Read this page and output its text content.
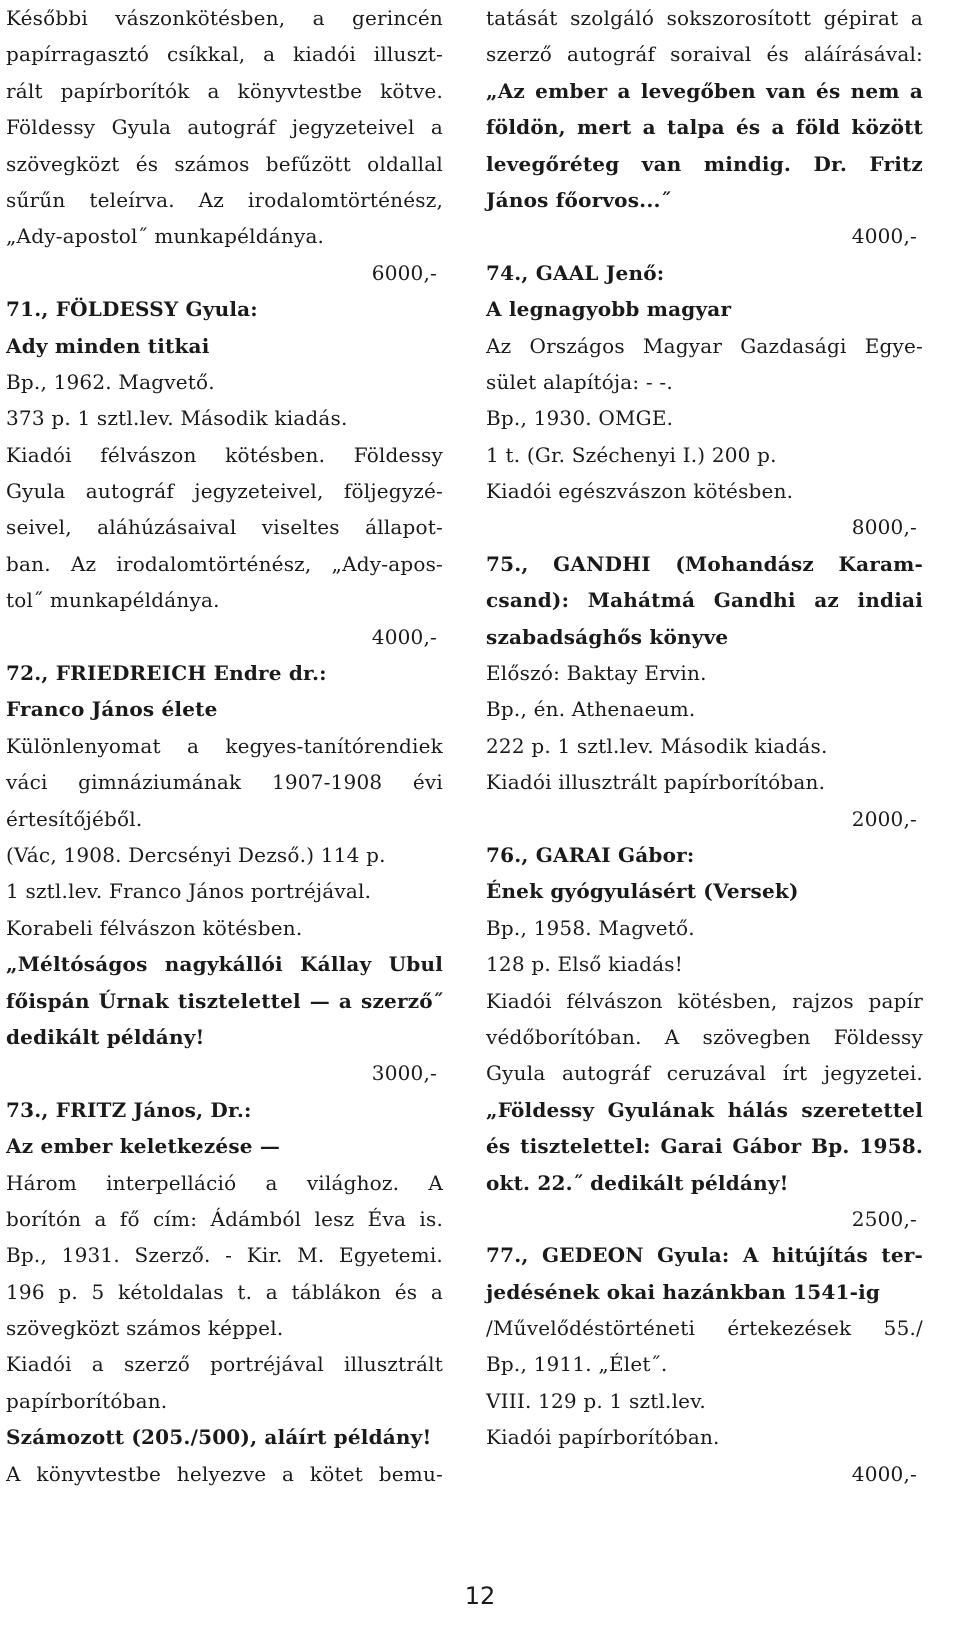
Későbbi vászonkötésben, a gerincén
papírragasztó csíkkal, a kiadói illuszt-
rált papírborítók a könyvtestbe kötve.
Földessy Gyula autográf jegyzeteivel a
szövegközt és számos befűzött oldallal
sűrűn teleírva. Az irodalomtörténész,
„Ady-apostol˝ munkapéldánya.
6000,-
71., FÖLDESSY Gyula:
Ady minden titkai
Bp., 1962. Magvető.
373 p. 1 sztl.lev. Második kiadás.
Kiadói félvászon kötésben. Földessy
Gyula autográf jegyzeteivel, följegyzé-
seivel, aláhúzásaival viseltes állapot-
ban. Az irodalomtörténész, „Ady-apos-
tol˝ munkapéldánya.
4000,-
72., FRIEDREICH Endre dr.:
Franco János élete
Különlenyomat a kegyes-tanítórendiek
váci gimnáziumának 1907-1908 évi
értesítőjéből.
(Vác, 1908. Dercsényi Dezső.) 114 p.
1 sztl.lev. Franco János portréjával.
Korabeli félvászon kötésben.
„Méltóságos nagykállói Kállay Ubul
főispán Úrnak tisztelettel — a szerző˝
dedikált példány!
3000,-
73., FRITZ János, Dr.:
Az ember keletkezése —
Három interpelláció a világhoz. A
borítón a fő cím: Ádámból lesz Éva is.
Bp., 1931. Szerző. - Kir. M. Egyetemi.
196 p. 5 kétoldalas t. a táblákon és a
szövegközt számos képpel.
Kiadói a szerző portréjával illusztrált
papírborítóban.
Számozott (205./500), aláírt példány!
A könyvtestbe helyezve a kötet bemu-
tatását szolgáló sokszorosított gépirat a
szerző autográf soraival és aláírásával:
„Az ember a levegőben van és nem a
földön, mert a talpa és a föld között
levegőréteg van mindig. Dr. Fritz
János főorvos...˝
4000,-
74., GAAL Jenő:
A legnagyobb magyar
Az Országos Magyar Gazdasági Egye-
sület alapítója: - -.
Bp., 1930. OMGE.
1 t. (Gr. Széchenyi I.) 200 p.
Kiadói egészvászon kötésben.
8000,-
75., GANDHI (Mohandász Karam-
csand): Mahátmá Gandhi az indiai
szabadsághős könyve
Előszó: Baktay Ervin.
Bp., én. Athenaeum.
222 p. 1 sztl.lev. Második kiadás.
Kiadói illusztrált papírborítóban.
2000,-
76., GARAI Gábor:
Ének gyógyulásért (Versek)
Bp., 1958. Magvető.
128 p. Első kiadás!
Kiadói félvászon kötésben, rajzos papír
védőborítóban. A szövegben Földessy
Gyula autográf ceruzával írt jegyzetei.
„Földessy Gyulának hálás szeretettel
és tisztelettel: Garai Gábor Bp. 1958.
okt. 22.˝ dedikált példány!
2500,-
77., GEDEON Gyula: A hitújítás ter-
jedésének okai hazánkban 1541-ig
/Művelődéstörténeti értekezések 55./
Bp., 1911. „Élet˝.
VIII. 129 p. 1 sztl.lev.
Kiadói papírborítóban.
4000,-
12
